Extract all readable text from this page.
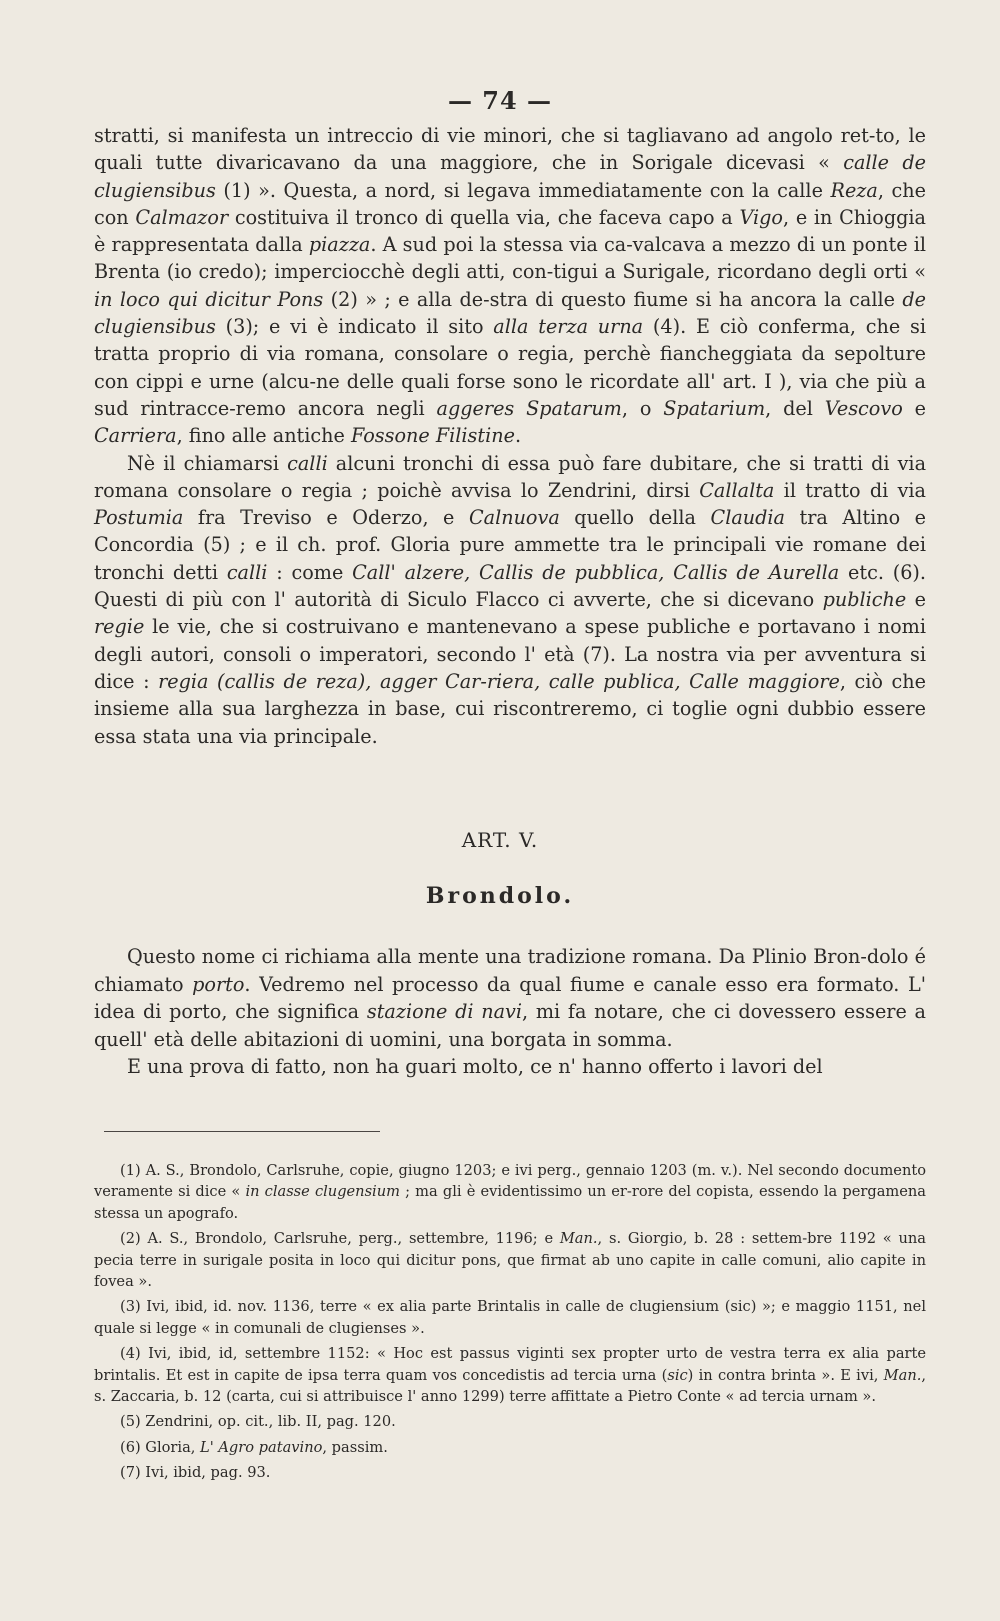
— 74 —

stratti, si manifesta un intreccio di vie minori, che si tagliavano ad angolo ret-to, le quali tutte divaricavano da una maggiore, che in Sorigale dicevasi « calle de clugiensibus (1) ». Questa, a nord, si legava immediatamente con la calle Reza, che con Calmazor costituiva il tronco di quella via, che faceva capo a Vigo, e in Chioggia è rappresentata dalla piazza. A sud poi la stessa via ca-valcava a mezzo di un ponte il Brenta (io credo); imperciocchè degli atti, con-tigui a Surigale, ricordano degli orti « in loco qui dicitur Pons (2) » ; e alla de-stra di questo fiume si ha ancora la calle de clugiensibus (3); e vi è indicato il sito alla terza urna (4). E ciò conferma, che si tratta proprio di via romana, consolare o regia, perchè fiancheggiata da sepolture con cippi e urne (alcu-ne delle quali forse sono le ricordate all' art. I ), via che più a sud rintracce-remo ancora negli aggeres Spatarum, o Spatarium, del Vescovo e Carriera, fino alle antiche Fossone Filistine.

Nè il chiamarsi calli alcuni tronchi di essa può fare dubitare, che si tratti di via romana consolare o regia ; poichè avvisa lo Zendrini, dirsi Callalta il tratto di via Postumia fra Treviso e Oderzo, e Calnuova quello della Claudia tra Altino e Concordia (5) ; e il ch. prof. Gloria pure ammette tra le principali vie romane dei tronchi detti calli : come Call' alzere, Callis de pubblica, Callis de Aurella etc. (6). Questi di più con l' autorità di Siculo Flacco ci avverte, che si dicevano publiche e regie le vie, che si costruivano e mantenevano a spese publiche e portavano i nomi degli autori, consoli o imperatori, secondo l' età (7). La nostra via per avventura si dice : regia (callis de reza), agger Car-riera, calle publica, Calle maggiore, ciò che insieme alla sua larghezza in base, cui riscontreremo, ci toglie ogni dubbio essere essa stata una via principale.

ART. V.
Brondolo.

Questo nome ci richiama alla mente una tradizione romana. Da Plinio Bron-dolo é chiamato porto. Vedremo nel processo da qual fiume e canale esso era formato. L' idea di porto, che significa stazione di navi, mi fa notare, che ci dovessero essere a quell' età delle abitazioni di uomini, una borgata in somma.

E una prova di fatto, non ha guari molto, ce n' hanno offerto i lavori del

(1) A. S., Brondolo, Carlsruhe, copie, giugno 1203; e ivi perg., gennaio 1203 (m. v.). Nel secondo documento veramente si dice « in classe clugensium ; ma gli è evidentissimo un er-rore del copista, essendo la pergamena stessa un apografo.

(2) A. S., Brondolo, Carlsruhe, perg., settembre, 1196; e Man., s. Giorgio, b. 28 : settem-bre 1192 « una pecia terre in surigale posita in loco qui dicitur pons, que firmat ab uno capite in calle comuni, alio capite in fovea ».

(3) Ivi, ibid, id. nov. 1136, terre « ex alia parte Brintalis in calle de clugiensium (sic) »; e maggio 1151, nel quale si legge « in comunali de clugienses ».

(4) Ivi, ibid, id, settembre 1152: « Hoc est passus viginti sex propter urto de vestra terra ex alia parte brintalis. Et est in capite de ipsa terra quam vos concedistis ad tercia urna (sic) in contra brinta ». E ivi, Man., s. Zaccaria, b. 12 (carta, cui si attribuisce l' anno 1299) terre affittate a Pietro Conte « ad tercia urnam ».

(5) Zendrini, op. cit., lib. II, pag. 120.

(6) Gloria, L' Agro patavino, passim.

(7) Ivi, ibid, pag. 93.
